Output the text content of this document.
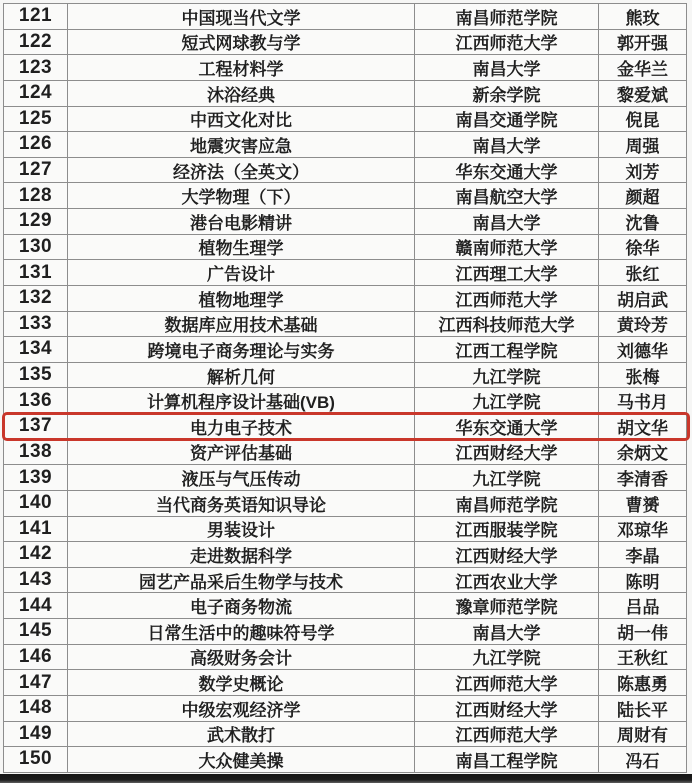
121	中国现当代文学	南昌师范学院	熊玫
122	短式网球教与学	江西师范大学	郭开强
123	工程材料学	南昌大学	金华兰
124	沐浴经典	新余学院	黎爱斌
125	中西文化对比	南昌交通学院	倪昆
126	地震灾害应急	南昌大学	周强
127	经济法（全英文）	华东交通大学	刘芳
128	大学物理（下）	南昌航空大学	颜超
129	港台电影精讲	南昌大学	沈鲁
130	植物生理学	赣南师范大学	徐华
131	广告设计	江西理工大学	张红
132	植物地理学	江西师范大学	胡启武
133	数据库应用技术基础	江西科技师范大学	黄玲芳
134	跨境电子商务理论与实务	江西工程学院	刘德华
135	解析几何	九江学院	张梅
136	计算机程序设计基础(VB)	九江学院	马书月
137	电力电子技术	华东交通大学	胡文华
138	资产评估基础	江西财经大学	余炳文
139	液压与气压传动	九江学院	李清香
140	当代商务英语知识导论	南昌师范学院	曹赟
141	男装设计	江西服装学院	邓琼华
142	走进数据科学	江西财经大学	李晶
143	园艺产品采后生物学与技术	江西农业大学	陈明
144	电子商务物流	豫章师范学院	吕品
145	日常生活中的趣味符号学	南昌大学	胡一伟
146	高级财务会计	九江学院	王秋红
147	数学史概论	江西师范大学	陈惠勇
148	中级宏观经济学	江西财经大学	陆长平
149	武术散打	江西师范大学	周财有
150	大众健美操	南昌工程学院	冯石
